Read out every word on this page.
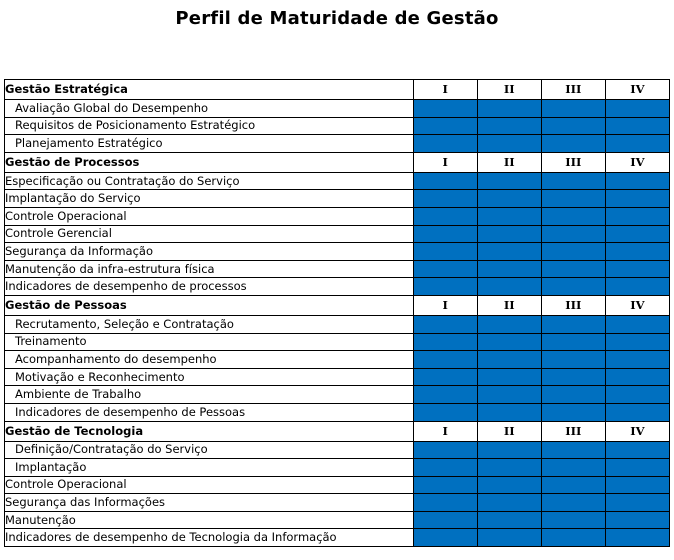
Perfil de Maturidade de Gestão
Gestão Estratégica	I	II	III	IV
Avaliação Global do Desempenho				
Requisitos de Posicionamento Estratégico				
Planejamento Estratégico				
Gestão de Processos	I	II	III	IV
Especificação ou Contratação do Serviço				
Implantação do Serviço				
Controle Operacional				
Controle Gerencial				
Segurança da Informação				
Manutenção da infra-estrutura física				
Indicadores de desempenho de processos				
Gestão de Pessoas	I	II	III	IV
Recrutamento, Seleção e Contratação				
Treinamento				
Acompanhamento do desempenho				
Motivação e Reconhecimento				
Ambiente de Trabalho				
Indicadores de desempenho de Pessoas				
Gestão de Tecnologia	I	II	III	IV
Definição/Contratação do Serviço				
Implantação				
Controle Operacional				
Segurança das Informações				
Manutenção				
Indicadores de desempenho de Tecnologia da Informação				
